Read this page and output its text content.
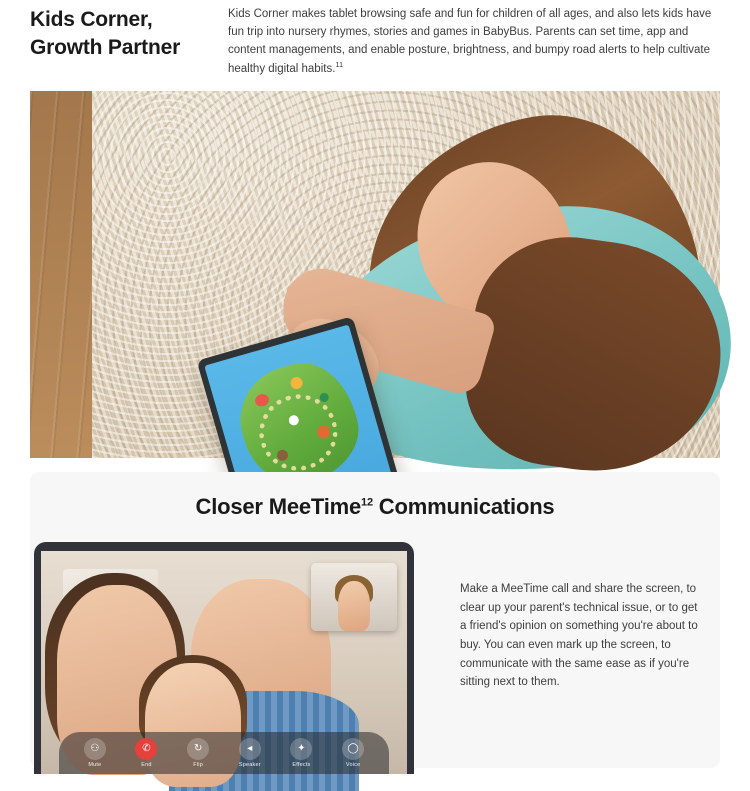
Kids Corner,
Growth Partner

Kids Corner makes tablet browsing safe and fun for children of all ages, and also lets kids have fun trip into nursery rhymes, stories and games in BabyBus. Parents can set time, app and content managements, and enable posture, brightness, and bumpy road alerts to help cultivate healthy digital habits.$^{11}$

Closer MeeTime$^{12}$ Communications
⚇
Mute
✆
End
↻
Flip
◂
Speaker
✦
Effects
◯
Voice

Make a MeeTime call and share the screen, to clear up your parent's technical issue, or to get a friend's opinion on something you're about to buy. You can even mark up the screen, to communicate with the same ease as if you're sitting next to them.
